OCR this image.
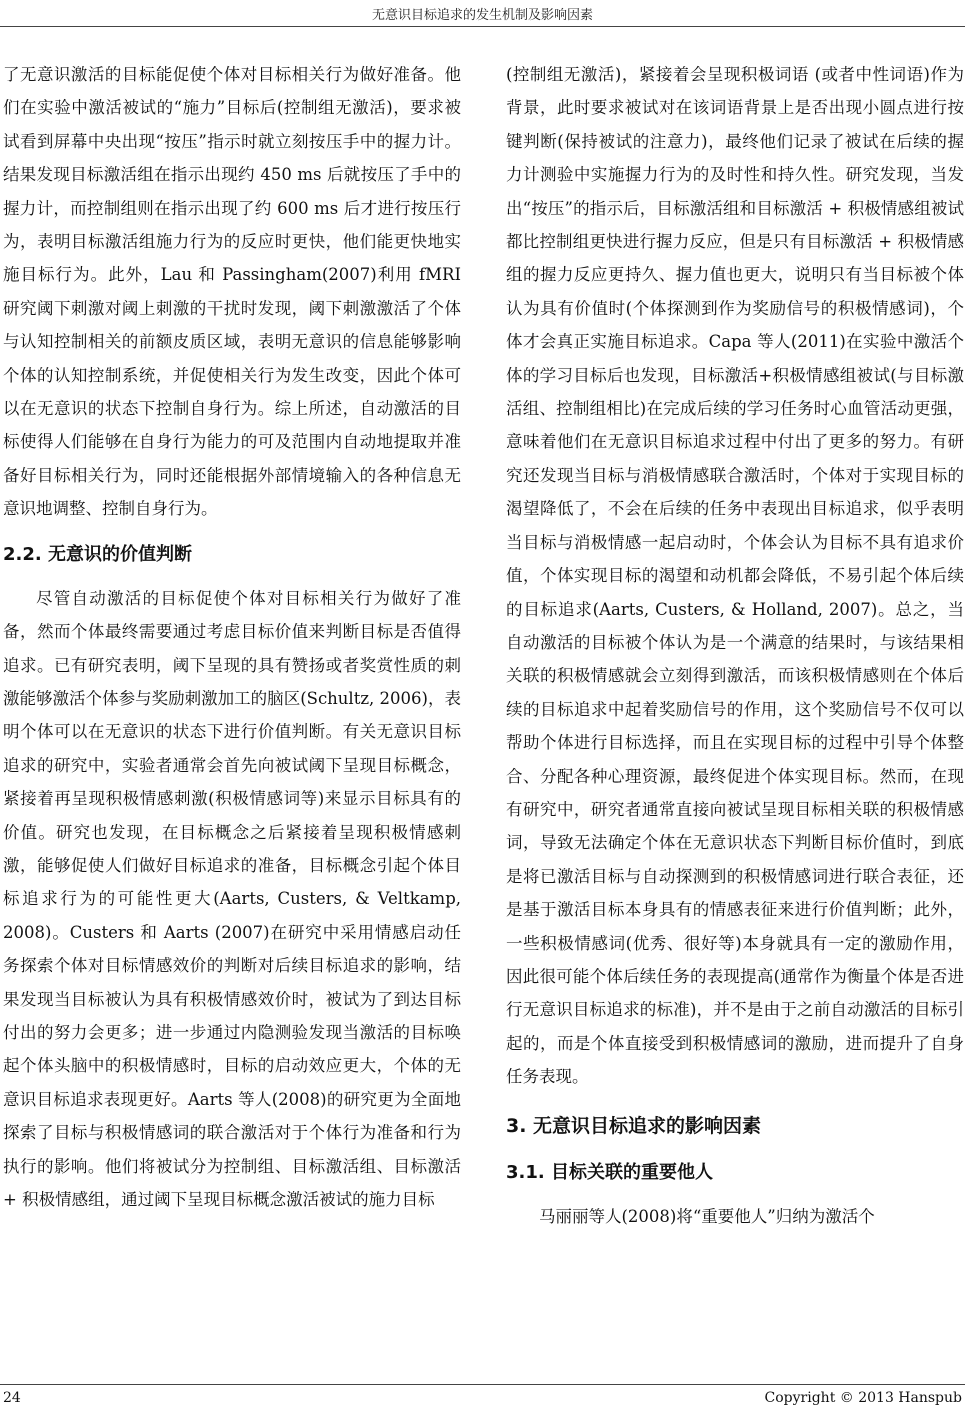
无意识目标追求的发生机制及影响因素

了无意识激活的目标能促使个体对目标相关行为做好准备。他们在实验中激活被试的“施力”目标后(控制组无激活)，要求被试看到屏幕中央出现“按压”指示时就立刻按压手中的握力计。结果发现目标激活组在指示出现约 450 ms 后就按压了手中的握力计，而控制组则在指示出现了约 600 ms 后才进行按压行为，表明目标激活组施力行为的反应时更快，他们能更快地实施目标行为。此外，Lau 和 Passingham(2007)利用 fMRI 研究阈下刺激对阈上刺激的干扰时发现，阈下刺激激活了个体与认知控制相关的前额皮质区域，表明无意识的信息能够影响个体的认知控制系统，并促使相关行为发生改变，因此个体可以在无意识的状态下控制自身行为。综上所述，自动激活的目标使得人们能够在自身行为能力的可及范围内自动地提取并准备好目标相关行为，同时还能根据外部情境输入的各种信息无意识地调整、控制自身行为。

2.2. 无意识的价值判断

尽管自动激活的目标促使个体对目标相关行为做好了准备，然而个体最终需要通过考虑目标价值来判断目标是否值得追求。已有研究表明，阈下呈现的具有赞扬或者奖赏性质的刺激能够激活个体参与奖励刺激加工的脑区(Schultz, 2006)，表明个体可以在无意识的状态下进行价值判断。有关无意识目标追求的研究中，实验者通常会首先向被试阈下呈现目标概念，紧接着再呈现积极情感刺激(积极情感词等)来显示目标具有的价值。研究也发现，在目标概念之后紧接着呈现积极情感刺激，能够促使人们做好目标追求的准备，目标概念引起个体目标追求行为的可能性更大(Aarts, Custers, & Veltkamp, 2008)。Custers 和 Aarts (2007)在研究中采用情感启动任务探索个体对目标情感效价的判断对后续目标追求的影响，结果发现当目标被认为具有积极情感效价时，被试为了到达目标付出的努力会更多；进一步通过内隐测验发现当激活的目标唤起个体头脑中的积极情感时，目标的启动效应更大，个体的无意识目标追求表现更好。Aarts 等人(2008)的研究更为全面地探索了目标与积极情感词的联合激活对于个体行为准备和行为执行的影响。他们将被试分为控制组、目标激活组、目标激活 + 积极情感组，通过阈下呈现目标概念激活被试的施力目标

(控制组无激活)，紧接着会呈现积极词语 (或者中性词语)作为背景，此时要求被试对在该词语背景上是否出现小圆点进行按键判断(保持被试的注意力)，最终他们记录了被试在后续的握力计测验中实施握力行为的及时性和持久性。研究发现，当发出“按压”的指示后，目标激活组和目标激活 + 积极情感组被试都比控制组更快进行握力反应，但是只有目标激活 + 积极情感组的握力反应更持久、握力值也更大，说明只有当目标被个体认为具有价值时(个体探测到作为奖励信号的积极情感词)，个体才会真正实施目标追求。Capa 等人(2011)在实验中激活个体的学习目标后也发现，目标激活+积极情感组被试(与目标激活组、控制组相比)在完成后续的学习任务时心血管活动更强，意味着他们在无意识目标追求过程中付出了更多的努力。有研究还发现当目标与消极情感联合激活时，个体对于实现目标的渴望降低了，不会在后续的任务中表现出目标追求，似乎表明当目标与消极情感一起启动时，个体会认为目标不具有追求价值，个体实现目标的渴望和动机都会降低，不易引起个体后续的目标追求(Aarts, Custers, & Holland, 2007)。总之，当自动激活的目标被个体认为是一个满意的结果时，与该结果相关联的积极情感就会立刻得到激活，而该积极情感则在个体后续的目标追求中起着奖励信号的作用，这个奖励信号不仅可以帮助个体进行目标选择，而且在实现目标的过程中引导个体整合、分配各种心理资源，最终促进个体实现目标。然而，在现有研究中，研究者通常直接向被试呈现目标相关联的积极情感词，导致无法确定个体在无意识状态下判断目标价值时，到底是将已激活目标与自动探测到的积极情感词进行联合表征，还是基于激活目标本身具有的情感表征来进行价值判断；此外，一些积极情感词(优秀、很好等)本身就具有一定的激励作用，因此很可能个体后续任务的表现提高(通常作为衡量个体是否进行无意识目标追求的标准)，并不是由于之前自动激活的目标引起的，而是个体直接受到积极情感词的激励，进而提升了自身任务表现。

3. 无意识目标追求的影响因素
3.1. 目标关联的重要他人

马丽丽等人(2008)将“重要他人”归纳为激活个

24	Copyright © 2013 Hanspub
